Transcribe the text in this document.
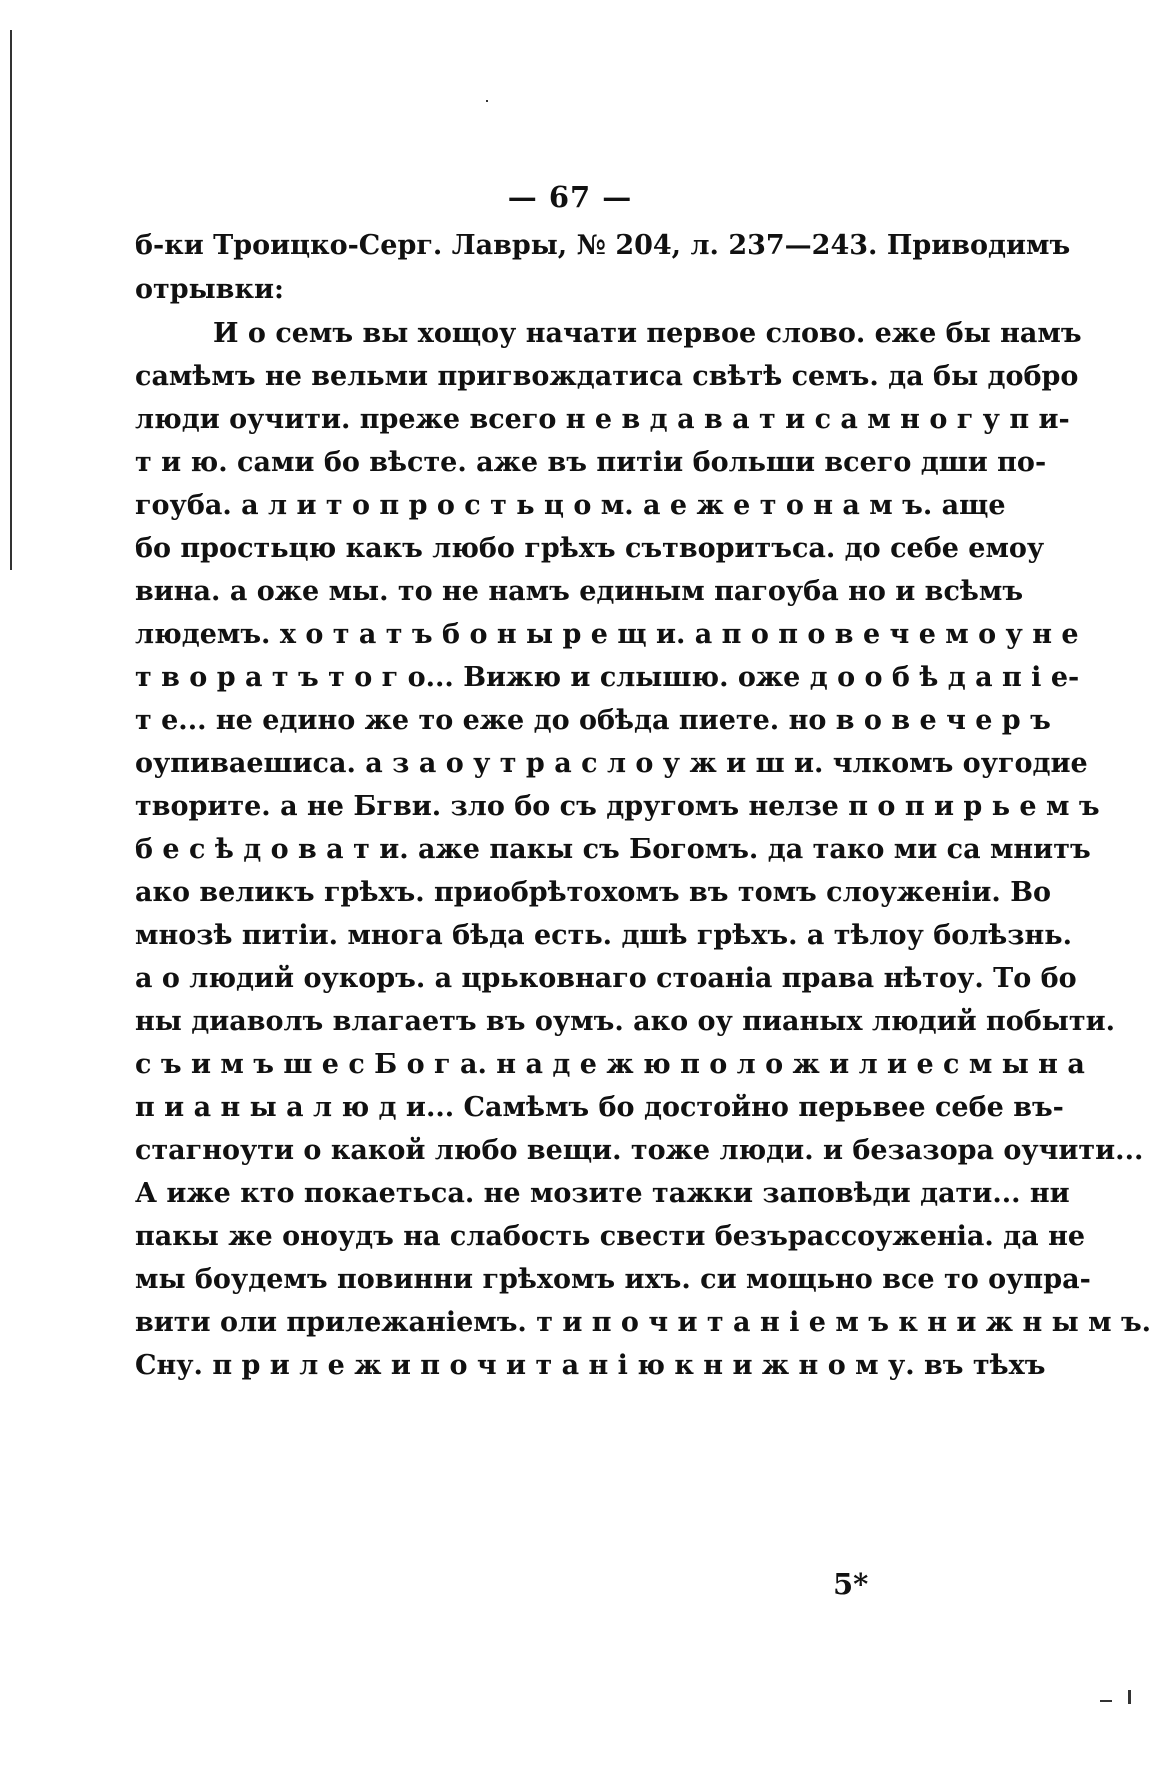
— 67 —
б-ки Троицко-Серг. Лавры, № 204, л. 237—243. Приводимъ
отрывки:
И о семъ вы хощоу начати первое слово. еже бы намъ
самѣмъ не вельми пригвождатиса свѣтѣ семъ. да бы добро
люди оучити. преже всего н е в д а в а т и с а м н о г у п и-
т и ю. сами бо вѣсте. аже въ питіи больши всего дши по-
гоуба. а л и т о п р о с т ь ц о м. а е ж е т о н а м ъ. аще
бо простьцю какъ любо грѣхъ сътворитъса. до себе емоу
вина. а оже мы. то не намъ единым пагоуба но и всѣмъ
людемъ. х о т а т ъ б о н ы р е щ и. а п о п о в е ч е м о у н е
т в о р а т ъ т о г о... Вижю и слышю. оже д о о б ѣ д а п і е-
т е... не едино же то еже до обѣда пиете. но в о в е ч е р ъ
оупиваешиса. а з а о у т р а с л о у ж и ш и. члкомъ оугодие
творите. а не Бгви. зло бо съ другомъ нелзе п о п и р ь е м ъ
б е с ѣ д о в а т и. аже пакы съ Богомъ. да тако ми са мнитъ
ако великъ грѣхъ. приобрѣтохомъ въ томъ слоуженіи. Во
мнозѣ питіи. многа бѣда есть. дшѣ грѣхъ. а тѣлоу болѣзнь.
а о людий оукоръ. а црьковнаго стоаніа права нѣтоу. То бо
ны диаволъ влагаетъ въ оумъ. ако оу пианых людий побыти.
с ъ и м ъ ш е с Б о г а. н а д е ж ю п о л о ж и л и е с м ы н а
п и а н ы а л ю д и... Самѣмъ бо достойно перьвее себе въ-
стагноути о какой любо вещи. тоже люди. и безазора оучити...
А иже кто покаетьса. не мозите тажки заповѣди дати... ни
пакы же оноудъ на слабость свести безърассоуженіа. да не
мы боудемъ повинни грѣхомъ ихъ. си мощьно все то оупра-
вити оли прилежаніемъ. т и п о ч и т а н і е м ъ к н и ж н ы м ъ.
Сну. п р и л е ж и п о ч и т а н і ю к н и ж н о м у. въ тѣхъ
5*
